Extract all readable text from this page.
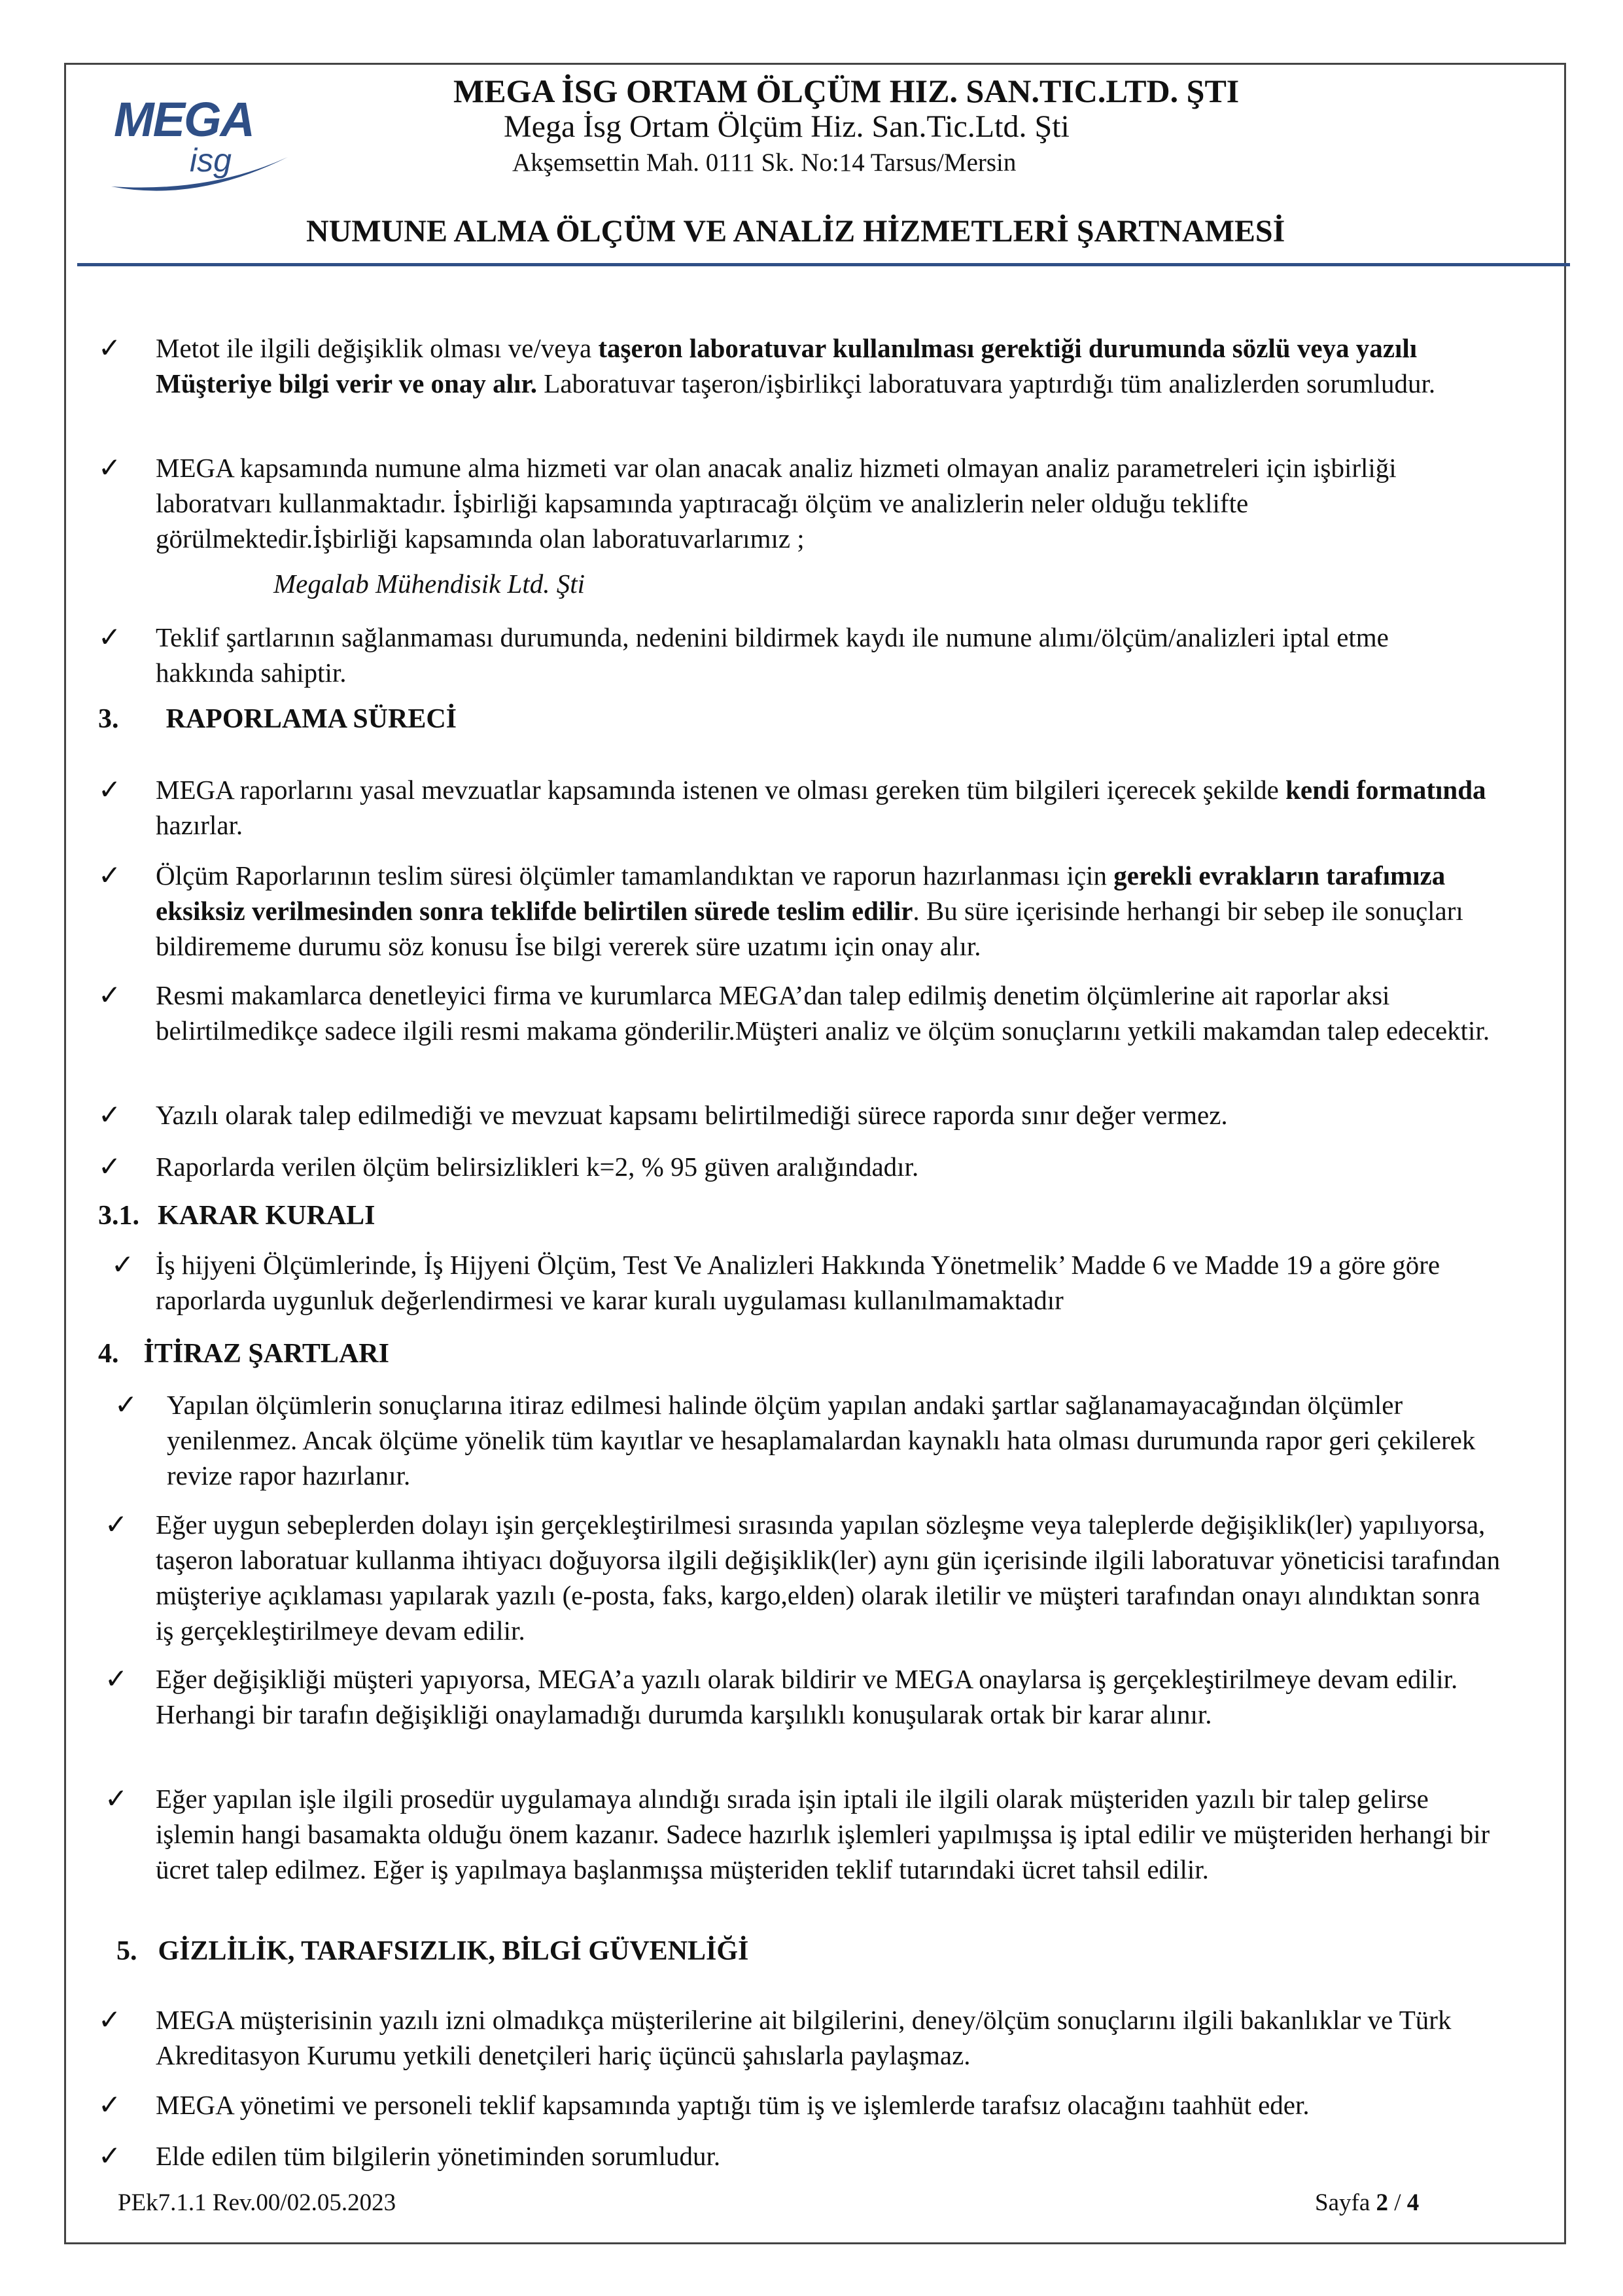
MEGA
isg
MEGA İSG ORTAM ÖLÇÜM HIZ. SAN.TIC.LTD. ŞTI
Mega İsg Ortam Ölçüm Hiz. San.Tic.Ltd. Şti
Akşemsettin Mah. 0111 Sk. No:14 Tarsus/Mersin
NUMUNE ALMA ÖLÇÜM VE ANALİZ HİZMETLERİ ŞARTNAMESİ
✓ Metot ile ilgili değişiklik olması ve/veya taşeron laboratuvar kullanılması gerektiği durumunda sözlü veya yazılı Müşteriye bilgi verir ve onay alır. Laboratuvar taşeron/işbirlikçi laboratuvara yaptırdığı tüm analizlerden sorumludur.
✓ MEGA kapsamında numune alma hizmeti var olan anacak analiz hizmeti olmayan analiz parametreleri için işbirliği laboratvarı kullanmaktadır. İşbirliği kapsamında yaptıracağı ölçüm ve analizlerin neler olduğu teklifte görülmektedir.İşbirliği kapsamında olan laboratuvarlarımız ;
Megalab Mühendisik Ltd. Şti
✓ Teklif şartlarının sağlanmaması durumunda, nedenini bildirmek kaydı ile numune alımı/ölçüm/analizleri iptal etme hakkında sahiptir.
3. RAPORLAMA SÜRECİ
✓ MEGA raporlarını yasal mevzuatlar kapsamında istenen ve olması gereken tüm bilgileri içerecek şekilde kendi formatında hazırlar.
✓ Ölçüm Raporlarının teslim süresi ölçümler tamamlandıktan ve raporun hazırlanması için gerekli evrakların tarafımıza eksiksiz verilmesinden sonra teklifde belirtilen sürede teslim edilir. Bu süre içerisinde herhangi bir sebep ile sonuçları bildirememe durumu söz konusu İse bilgi vererek süre uzatımı için onay alır.
✓ Resmi makamlarca denetleyici firma ve kurumlarca MEGA’dan talep edilmiş denetim ölçümlerine ait raporlar aksi belirtilmedikçe sadece ilgili resmi makama gönderilir.Müşteri analiz ve ölçüm sonuçlarını yetkili makamdan talep edecektir.
✓ Yazılı olarak talep edilmediği ve mevzuat kapsamı belirtilmediği sürece raporda sınır değer vermez.
✓ Raporlarda verilen ölçüm belirsizlikleri k=2, % 95 güven aralığındadır.
3.1. KARAR KURALI
✓ İş hijyeni Ölçümlerinde, İş Hijyeni Ölçüm, Test Ve Analizleri Hakkında Yönetmelik’ Madde 6 ve Madde 19 a göre göre raporlarda uygunluk değerlendirmesi ve karar kuralı uygulaması kullanılmamaktadır
4. İTİRAZ ŞARTLARI
✓ Yapılan ölçümlerin sonuçlarına itiraz edilmesi halinde ölçüm yapılan andaki şartlar sağlanamayacağından ölçümler yenilenmez. Ancak ölçüme yönelik tüm kayıtlar ve hesaplamalardan kaynaklı hata olması durumunda rapor geri çekilerek revize rapor hazırlanır.
✓ Eğer uygun sebeplerden dolayı işin gerçekleştirilmesi sırasında yapılan sözleşme veya taleplerde değişiklik(ler) yapılıyorsa, taşeron laboratuar kullanma ihtiyacı doğuyorsa ilgili değişiklik(ler) aynı gün içerisinde ilgili laboratuvar yöneticisi tarafından müşteriye açıklaması yapılarak yazılı (e-posta, faks, kargo,elden) olarak iletilir ve müşteri tarafından onayı alındıktan sonra iş gerçekleştirilmeye devam edilir.
✓ Eğer değişikliği müşteri yapıyorsa, MEGA’a yazılı olarak bildirir ve MEGA onaylarsa iş gerçekleştirilmeye devam edilir. Herhangi bir tarafın değişikliği onaylamadığı durumda karşılıklı konuşularak ortak bir karar alınır.
✓ Eğer yapılan işle ilgili prosedür uygulamaya alındığı sırada işin iptali ile ilgili olarak müşteriden yazılı bir talep gelirse işlemin hangi basamakta olduğu önem kazanır. Sadece hazırlık işlemleri yapılmışsa iş iptal edilir ve müşteriden herhangi bir ücret talep edilmez. Eğer iş yapılmaya başlanmışsa müşteriden teklif tutarındaki ücret tahsil edilir.
5. GİZLİLİK, TARAFSIZLIK, BİLGİ GÜVENLİĞİ
✓ MEGA müşterisinin yazılı izni olmadıkça müşterilerine ait bilgilerini, deney/ölçüm sonuçlarını ilgili bakanlıklar ve Türk Akreditasyon Kurumu yetkili denetçileri hariç üçüncü şahıslarla paylaşmaz.
✓ MEGA yönetimi ve personeli teklif kapsamında yaptığı tüm iş ve işlemlerde tarafsız olacağını taahhüt eder.
✓ Elde edilen tüm bilgilerin yönetiminden sorumludur.
PEk7.1.1 Rev.00/02.05.2023	Sayfa 2 / 4
